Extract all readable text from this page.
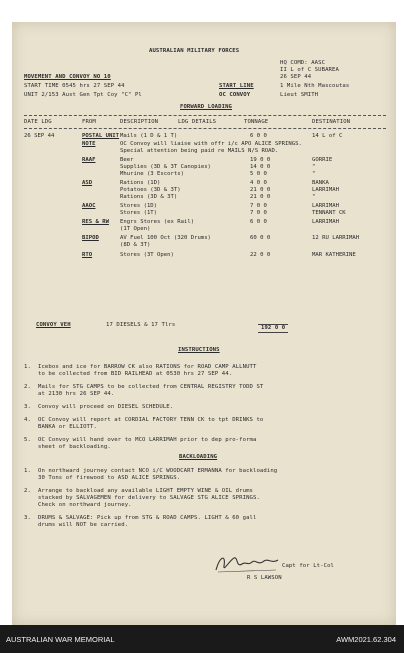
AUSTRALIAN MILITARY FORCES
HQ COMD: AASC
II L of C SUBAREA
26 SEP 44
MOVEMENT AND CONVOY NO 10
START TIME 0545 hrs 27 SEP 44	START LINE	1 Mile Nth Mascoutas
UNIT 2/153 Aust Gen Tpt Coy "C" Pl	OC CONVOY	Lieut SMITH
FORWARD LOADING
DATE LDG	FROM	DESCRIPTION	LDG DETAILS	TONNAGE	DESTINATION
26 SEP 44	POSTAL UNIT Mails (1 D & 1 T)	6 0 0	14 L of C
NOTE	OC Convoy will liaise with offr i/c APO ALICE SPRINGS.
Special attention being paid re MAILS N/S ROAD.
RAAF	Beer	19 0 0	GORRIE
Supplies (3D & 3T Canopies)	14 0 0	"
Mhurine (3 Escorts)	5 0 0	"
ASD	Rations (1D)	4 0 0	BANKA
Potatoes (3D & 3T)	21 0 0	LARRIMAH
Rations (3D & 3T)	21 0 0	"
AAOC	Stores (1D)	7 0 0	LARRIMAH
Stores (1T)	7 0 0	TENNANT CK
RES & RW Engrs Stores (ex Rail)	6 0 0	LARRIMAH
(1T Open)
BIPOD	AV Fuel 100 Oct (320 Drums)	60 0 0	12 RU LARRIMAH
(8D & 3T)
RTO	Stores (3T Open)	22 0 0	MAR KATHERINE
CONVOY VEH	17 DIESELS & 17 Tlrs	192 0 0
INSTRUCTIONS
1. Icebox and ice for BARROW CK also RATIONS for ROAD CAMP ALLNUTT
to be collected from BID RAILHEAD at 0530 hrs 27 SEP 44.
2. Mails for STG CAMPS to be collected from CENTRAL REGISTRY TODD ST
at 2130 hrs 26 SEP 44.
3. Convoy will proceed on DIESEL SCHEDULE.
4. OC Convoy will report at CORDIAL FACTORY TENN CK to tpt DRINKS to
BANKA or ELLIOTT.
5. OC Convoy will hand over to MCO LARRIMAH prior to dep pro-forma
sheet of backloading.
BACKLOADING
1. On northward journey contact NCO i/C WOODCART ERMANNA for backloading
30 Tons of firewood to ASD ALICE SPRINGS.
2. Arrange to backload any available LIGHT EMPTY WINE & OIL drums
stacked by SALVAGEMEN for delivery to SALVAGE STG ALICE SPRINGS.
Check on northward journey.
3. DRUMS & SALVAGE: Pick up from STG & ROAD CAMPS. LIGHT & 60 gall
drums will NOT be carried.
Capt for Lt-Col
R S LAWSON
AUSTRALIAN WAR MEMORIAL	AWM2021.62.304
